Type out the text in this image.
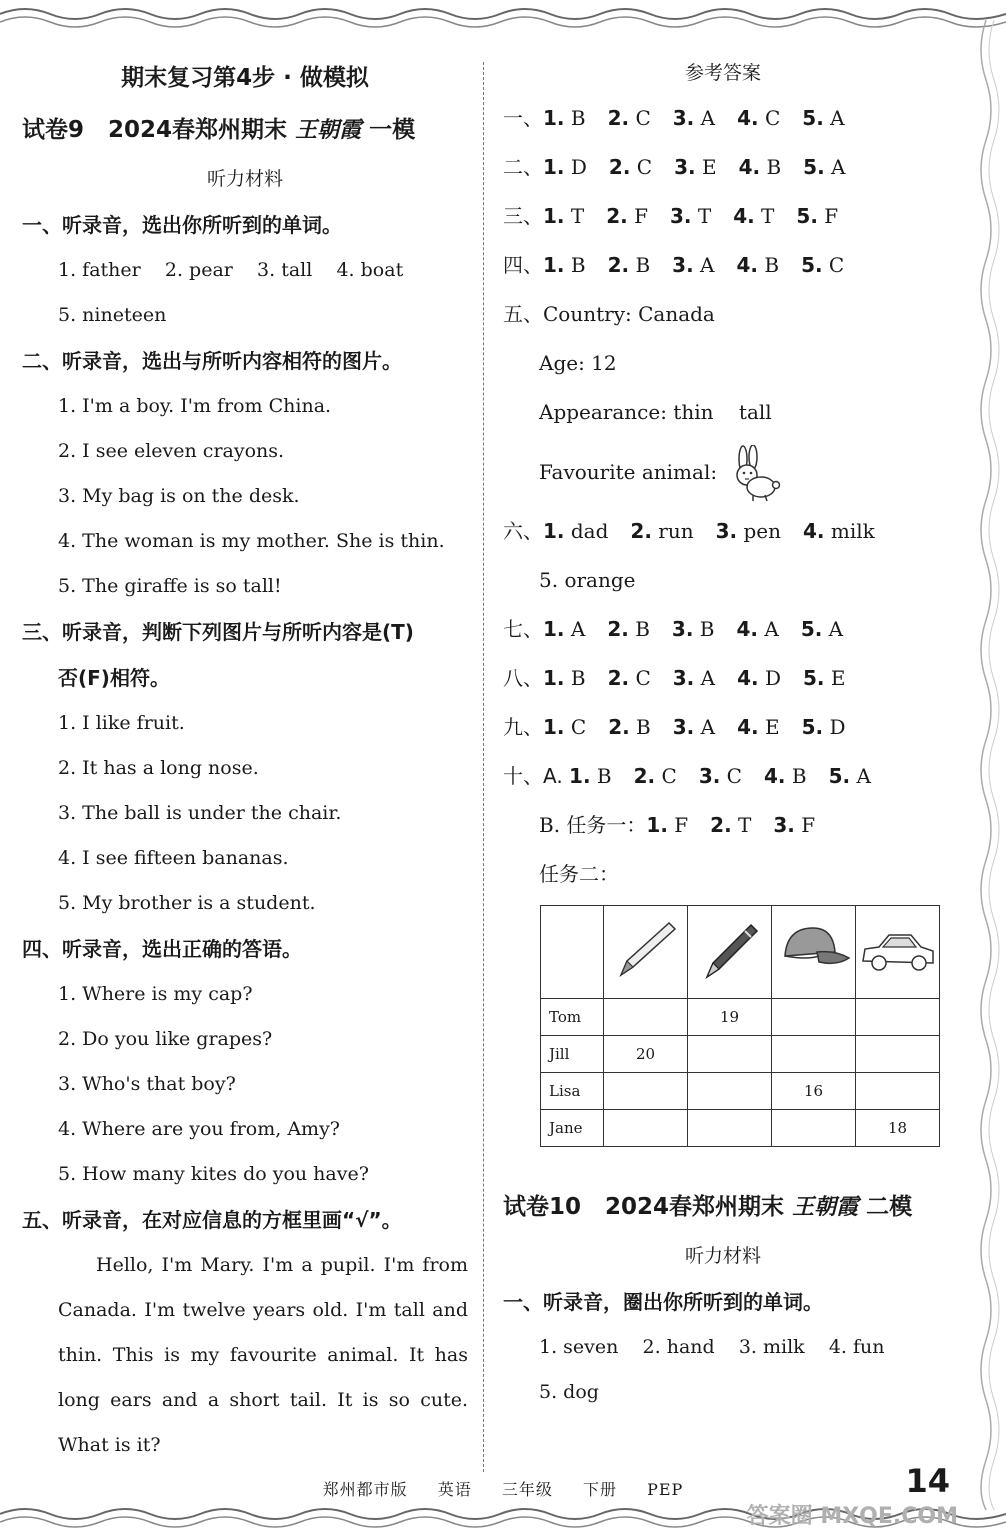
期末复习第4步 · 做模拟
试卷9 2024春郑州期末 王朝霞 一模
听力材料
一、听录音，选出你所听到的单词。
1. father    2. pear    3. tall    4. boat
5. nineteen
二、听录音，选出与所听内容相符的图片。
1. I'm a boy. I'm from China.
2. I see eleven crayons.
3. My bag is on the desk.
4. The woman is my mother. She is thin.
5. The giraffe is so tall!
三、听录音，判断下列图片与所听内容是(T)
否(F)相符。
1. I like fruit.
2. It has a long nose.
3. The ball is under the chair.
4. I see fifteen bananas.
5. My brother is a student.
四、听录音，选出正确的答语。
1. Where is my cap?
2. Do you like grapes?
3. Who's that boy?
4. Where are you from, Amy?
5. How many kites do you have?
五、听录音，在对应信息的方框里画“√”。
Hello, I'm Mary. I'm a pupil. I'm from Canada. I'm twelve years old. I'm tall and thin. This is my favourite animal. It has long ears and a short tail. It is so cute. What is it?
参考答案
一、1. B 2. C 3. A 4. C 5. A
二、1. D 2. C 3. E 4. B 5. A
三、1. T 2. F 3. T 4. T 5. F
四、1. B 2. B 3. A 4. B 5. C
五、Country: Canada
Age: 12
Appearance: thin    tall
Favourite animal:
六、1. dad 2. run 3. pen 4. milk
5. orange
七、1. A 2. B 3. B 4. A 5. A
八、1. B 2. C 3. A 4. D 5. E
九、1. C 2. B 3. A 4. E 5. D
十、A. 1. B 2. C 3. C 4. B 5. A
B. 任务一：1. F 2. T 3. F
任务二：

Tom		19		
Jill	20			
Lisa			16	
Jane				18
试卷10 2024春郑州期末 王朝霞 二模
听力材料
一、听录音，圈出你所听到的单词。
1. seven    2. hand    3. milk    4. fun
5. dog
郑州都市版 英语 三年级 下册 PEP	14
答案圈 MXQE.COM
